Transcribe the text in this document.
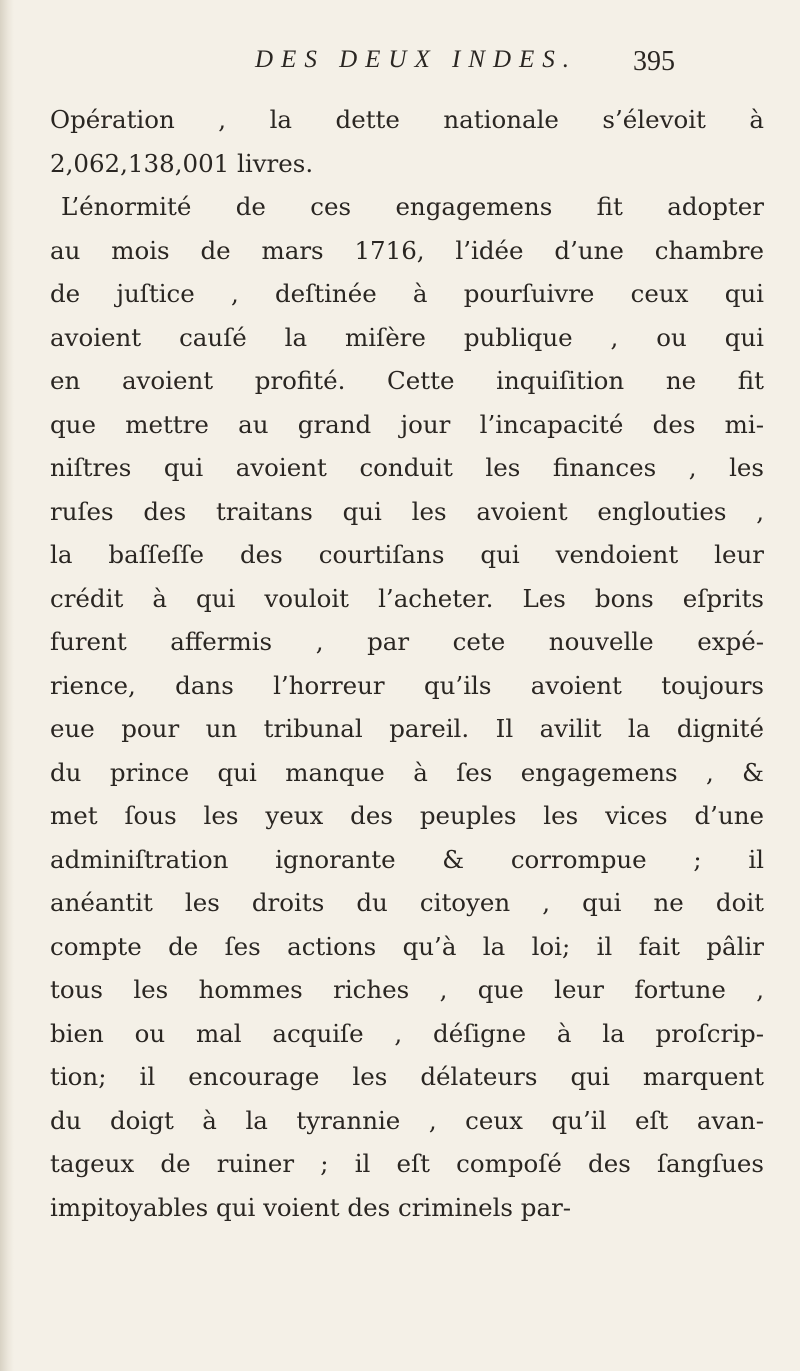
DES DEUX INDES. 395
Opération , la dette nationale s’élevoit à
2,062,138,001 livres.
L’énormité de ces engagemens fit adopter
au mois de mars 1716, l’idée d’une chambre
de juſtice , deſtinée à pourſuivre ceux qui
avoient cauſé la miſère publique , ou qui
en avoient profité. Cette inquiſition ne fit
que mettre au grand jour l’incapacité des mi-
niſtres qui avoient conduit les finances , les
ruſes des traitans qui les avoient englouties ,
la baſſeſſe des courtiſans qui vendoient leur
crédit à qui vouloit l’acheter. Les bons eſprits
furent affermis , par cete nouvelle expé-
rience, dans l’horreur qu’ils avoient toujours
eue pour un tribunal pareil. Il avilit la dignité
du prince qui manque à ſes engagemens , &
met ſous les yeux des peuples les vices d’une
adminiſtration ignorante & corrompue ; il
anéantit les droits du citoyen , qui ne doit
compte de ſes actions qu’à la loi; il fait pâlir
tous les hommes riches , que leur fortune ,
bien ou mal acquiſe , déſigne à la proſcrip-
tion; il encourage les délateurs qui marquent
du doigt à la tyrannie , ceux qu’il eſt avan-
tageux de ruiner ; il eſt compoſé des ſangſues
impitoyables qui voient des criminels par-
